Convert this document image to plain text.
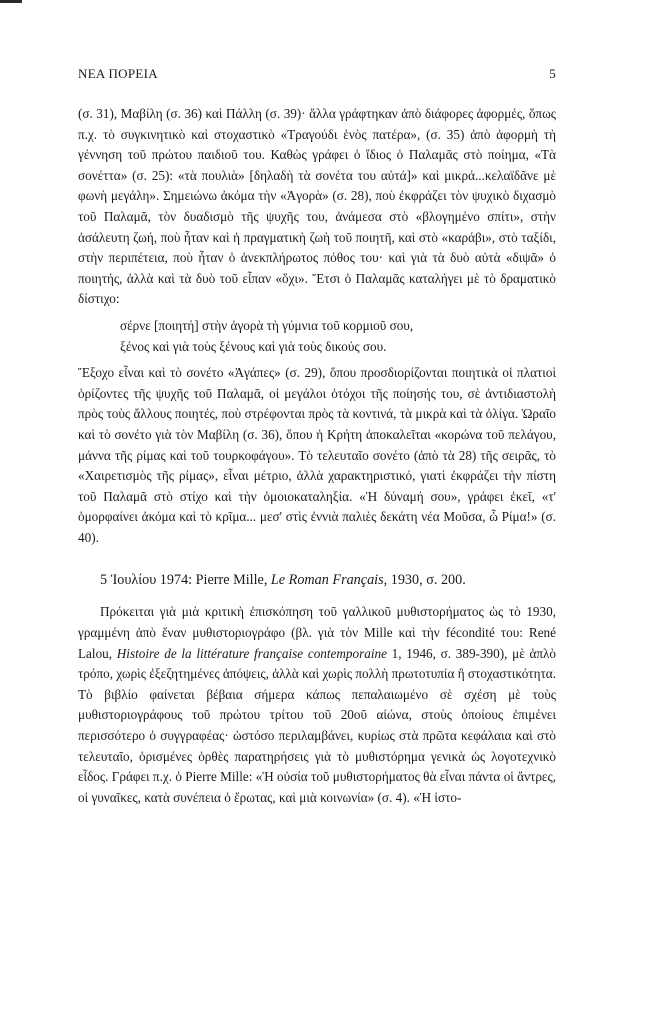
ΝΕΑ ΠΟΡΕΙΑ	5

(σ. 31), Μαβίλη (σ. 36) καὶ Πάλλη (σ. 39)· ἄλλα γράφτηκαν ἀπὸ διάφορες ἀφορμές, ὅπως π.χ. τὸ συγκινητικὸ καὶ στοχαστικὸ «Τραγούδι ἑνὸς πατέρα», (σ. 35) ἀπὸ ἀφορμὴ τὴ γέννηση τοῦ πρώτου παιδιοῦ του. Καθὼς γράφει ὁ ἴδιος ὁ Παλαμᾶς στὸ ποίημα, «Τὰ σονέττα» (σ. 25): «τὰ πουλιὰ» [δηλαδὴ τὰ σονέτα του αὐτά]» καὶ μικρά...κελαϊδᾶνε μὲ φωνὴ μεγάλη». Σημειώνω ἀκόμα τὴν «Ἀγορὰ» (σ. 28), ποὺ ἐκφράζει τὸν ψυχικὸ διχασμὸ τοῦ Παλαμᾶ, τὸν δυαδισμὸ τῆς ψυχῆς του, ἀνάμεσα στὸ «βλογημένο σπίτι», στὴν ἀσάλευτη ζωή, ποὺ ἦταν καὶ ἡ πραγματικὴ ζωὴ τοῦ ποιητῆ, καὶ στὸ «καράβι», στὸ ταξίδι, στὴν περιπέτεια, ποὺ ἦταν ὁ ἀνεκπλήρωτος πόθος του· καὶ γιὰ τὰ δυὸ αὐτὰ «διψᾶ» ὁ ποιητής, ἀλλὰ καὶ τὰ δυὸ τοῦ εἶπαν «ὄχι». Ἔτσι ὁ Παλαμᾶς καταλήγει μὲ τὸ δραματικὸ δίστιχο:

σέρνε [ποιητή] στὴν ἀγορὰ τὴ γύμνια τοῦ κορμιοῦ σου,
ξένος καὶ γιὰ τοὺς ξένους καὶ γιὰ τοὺς δικούς σου.

Ἔξοχο εἶναι καὶ τὸ σονέτο «Ἀγάπες» (σ. 29), ὅπου προσδιορίζονται ποιητικὰ οἱ πλατιοὶ ὁρίζοντες τῆς ψυχῆς τοῦ Παλαμᾶ, οἱ μεγάλοι ὁτόχοι τῆς ποίησής του, σὲ ἀντιδιαστολὴ πρὸς τοὺς ἄλλους ποιητές, ποὺ στρέφονται πρὸς τὰ κοντινά, τὰ μικρὰ καὶ τὰ ὀλίγα. Ὡραῖο καὶ τὸ σονέτο γιὰ τὸν Μαβίλη (σ. 36), ὅπου ἡ Κρήτη ἀποκαλεῖται «κορώνα τοῦ πελάγου, μάννα τῆς ρίμας καὶ τοῦ τουρκοφάγου». Τὸ τελευταῖο σονέτο (ἀπὸ τὰ 28) τῆς σειρᾶς, τὸ «Χαιρετισμὸς τῆς ρίμας», εἶναι μέτριο, ἀλλὰ χαρακτηριστικό, γιατὶ ἐκφράζει τὴν πίστη τοῦ Παλαμᾶ στὸ στίχο καὶ τὴν ὁμοιοκαταληξία. «Ἡ δύναμή σου», γράφει ἐκεῖ, «τ' ὁμορφαίνει ἀκόμα καὶ τὸ κρῖμα... μεσ' στὶς ἐννιὰ παλιὲς δεκάτη νέα Μοῦσα, ὦ Ρίμα!» (σ. 40).

5 Ἰουλίου 1974: Pierre Mille, Le Roman Français, 1930, σ. 200.

Πρόκειται γιὰ μιὰ κριτικὴ ἐπισκόπηση τοῦ γαλλικοῦ μυθιστορήματος ὡς τὸ 1930, γραμμένη ἀπὸ ἕναν μυθιστοριογράφο (βλ. γιὰ τὸν Mille καὶ τὴν fécondité του: René Lalou, Histoire de la littérature française contemporaine 1, 1946, σ. 389-390), μὲ ἁπλὸ τρόπο, χωρὶς ἐξεζητημένες ἀπόψεις, ἀλλὰ καὶ χωρὶς πολλὴ πρωτοτυπία ἢ στοχαστικότητα. Τὸ βιβλίο φαίνεται βέβαια σήμερα κάπως πεπαλαιωμένο σὲ σχέση μὲ τοὺς μυθιστοριογράφους τοῦ πρώτου τρίτου τοῦ 20οῦ αἰώνα, στοὺς ὁποίους ἐπιμένει περισσότερο ὁ συγγραφέας· ὡστόσο περιλαμβάνει, κυρίως στὰ πρῶτα κεφάλαια καὶ στὸ τελευταῖο, ὁρισμένες ὀρθὲς παρατηρήσεις γιὰ τὸ μυθιστόρημα γενικὰ ὡς λογοτεχνικὸ εἶδος. Γράφει π.χ. ὁ Pierre Mille: «Ἡ οὐσία τοῦ μυθιστορήματος θὰ εἶναι πάντα οἱ ἄντρες, οἱ γυναῖκες, κατὰ συνέπεια ὁ ἔρωτας, καὶ μιὰ κοινωνία» (σ. 4). «Ἡ ἱστο-
